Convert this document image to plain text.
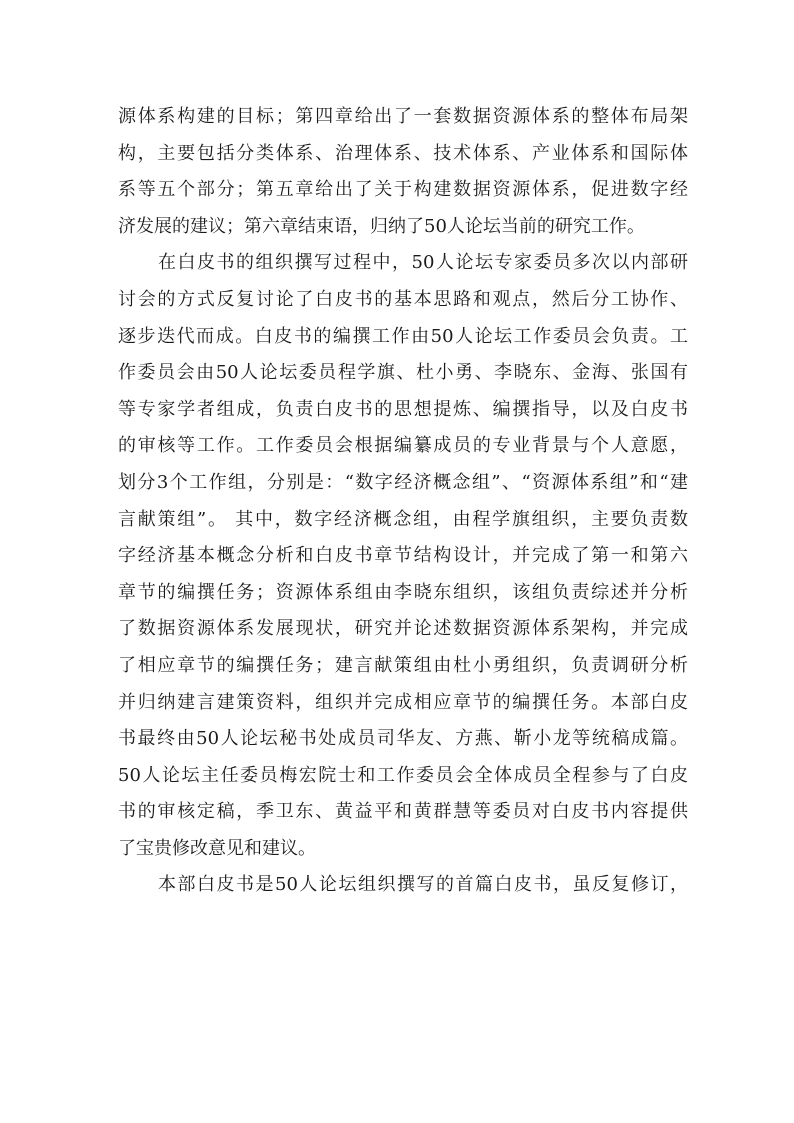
源体系构建的目标；第四章给出了一套数据资源体系的整体布局架
构，主要包括分类体系、治理体系、技术体系、产业体系和国际体
系等五个部分；第五章给出了关于构建数据资源体系，促进数字经
济发展的建议；第六章结束语，归纳了50人论坛当前的研究工作。
在白皮书的组织撰写过程中，50人论坛专家委员多次以内部研
讨会的方式反复讨论了白皮书的基本思路和观点，然后分工协作、
逐步迭代而成。白皮书的编撰工作由50人论坛工作委员会负责。工
作委员会由50人论坛委员程学旗、杜小勇、李晓东、金海、张国有
等专家学者组成，负责白皮书的思想提炼、编撰指导，以及白皮书
的审核等工作。工作委员会根据编纂成员的专业背景与个人意愿，
划分3个工作组，分别是：“数字经济概念组”、“资源体系组”和“建
言献策组”。 其中，数字经济概念组，由程学旗组织，主要负责数
字经济基本概念分析和白皮书章节结构设计，并完成了第一和第六
章节的编撰任务；资源体系组由李晓东组织，该组负责综述并分析
了数据资源体系发展现状，研究并论述数据资源体系架构，并完成
了相应章节的编撰任务；建言献策组由杜小勇组织，负责调研分析
并归纳建言建策资料，组织并完成相应章节的编撰任务。本部白皮
书最终由50人论坛秘书处成员司华友、方燕、靳小龙等统稿成篇。
50人论坛主任委员梅宏院士和工作委员会全体成员全程参与了白皮
书的审核定稿，季卫东、黄益平和黄群慧等委员对白皮书内容提供
了宝贵修改意见和建议。
本部白皮书是50人论坛组织撰写的首篇白皮书，虽反复修订，
